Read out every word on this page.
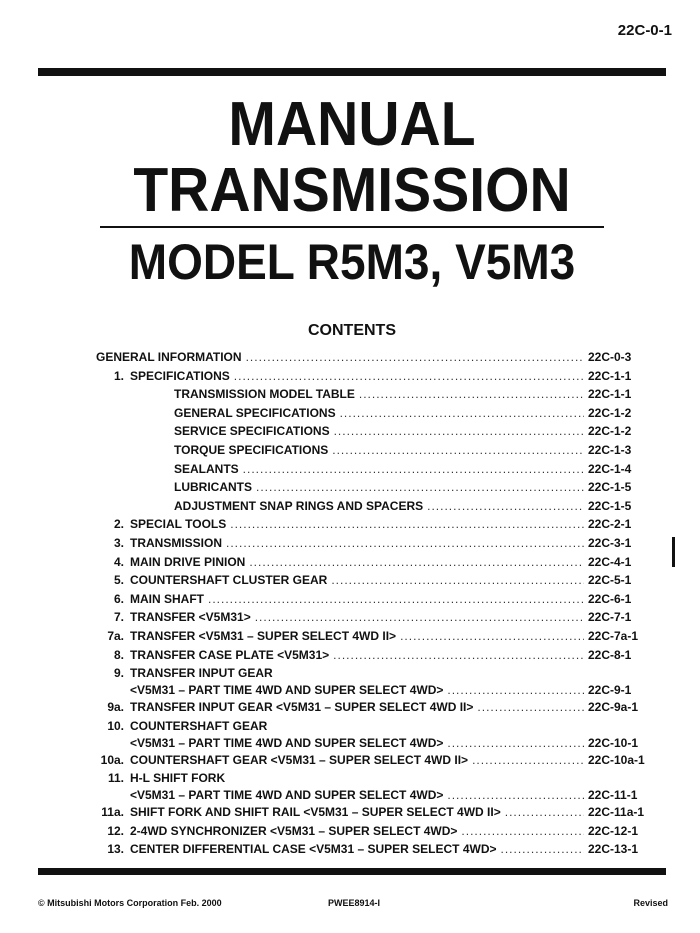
22C-0-1
MANUAL
TRANSMISSION
MODEL R5M3, V5M3
CONTENTS
GENERAL INFORMATION .....	22C-0-3
1. SPECIFICATIONS .....	22C-1-1
TRANSMISSION MODEL TABLE .....	22C-1-1
GENERAL SPECIFICATIONS .....	22C-1-2
SERVICE SPECIFICATIONS .....	22C-1-2
TORQUE SPECIFICATIONS .....	22C-1-3
SEALANTS .....	22C-1-4
LUBRICANTS .....	22C-1-5
ADJUSTMENT SNAP RINGS AND SPACERS .....	22C-1-5
2. SPECIAL TOOLS .....	22C-2-1
3. TRANSMISSION .....	22C-3-1
4. MAIN DRIVE PINION .....	22C-4-1
5. COUNTERSHAFT CLUSTER GEAR .....	22C-5-1
6. MAIN SHAFT .....	22C-6-1
7. TRANSFER <V5M31> .....	22C-7-1
7a. TRANSFER <V5M31 – SUPER SELECT 4WD II> .....	22C-7a-1
8. TRANSFER CASE PLATE <V5M31> .....	22C-8-1
9. TRANSFER INPUT GEAR
<V5M31 – PART TIME 4WD AND SUPER SELECT 4WD> .....	22C-9-1
9a. TRANSFER INPUT GEAR <V5M31 – SUPER SELECT 4WD II> .....	22C-9a-1
10. COUNTERSHAFT GEAR
<V5M31 – PART TIME 4WD AND SUPER SELECT 4WD> .....	22C-10-1
10a. COUNTERSHAFT GEAR <V5M31 – SUPER SELECT 4WD II> .....	22C-10a-1
11. H-L SHIFT FORK
<V5M31 – PART TIME 4WD AND SUPER SELECT 4WD> .....	22C-11-1
11a. SHIFT FORK AND SHIFT RAIL <V5M31 – SUPER SELECT 4WD II> .....	22C-11a-1
12. 2-4WD SYNCHRONIZER <V5M31 – SUPER SELECT 4WD> .....	22C-12-1
13. CENTER DIFFERENTIAL CASE <V5M31 – SUPER SELECT 4WD> .....	22C-13-1
© Mitsubishi Motors Corporation Feb. 2000	PWEE8914-I	Revised
